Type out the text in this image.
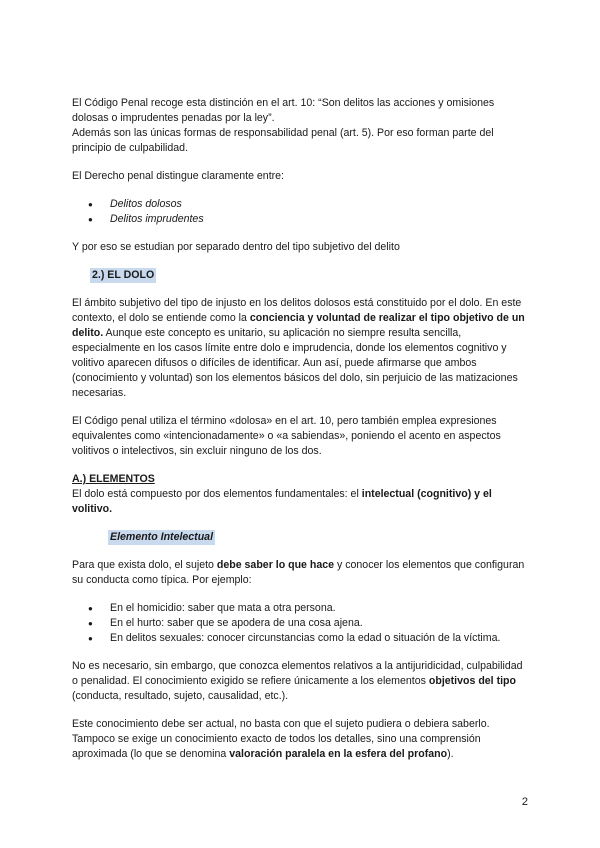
El Código Penal recoge esta distinción en el art. 10: “Son delitos las acciones y omisiones dolosas o imprudentes penadas por la ley”.

Además son las únicas formas de responsabilidad penal (art. 5). Por eso forman parte del principio de culpabilidad.

El Derecho penal distingue claramente entre:

● Delitos dolosos
● Delitos imprudentes

Y por eso se estudian por separado dentro del tipo subjetivo del delito

2.) EL DOLO

El ámbito subjetivo del tipo de injusto en los delitos dolosos está constituido por el dolo. En este contexto, el dolo se entiende como la conciencia y voluntad de realizar el tipo objetivo de un delito. Aunque este concepto es unitario, su aplicación no siempre resulta sencilla, especialmente en los casos límite entre dolo e imprudencia, donde los elementos cognitivo y volitivo aparecen difusos o difíciles de identificar. Aun así, puede afirmarse que ambos (conocimiento y voluntad) son los elementos básicos del dolo, sin perjuicio de las matizaciones necesarias.

El Código penal utiliza el término «dolosa» en el art. 10, pero también emplea expresiones equivalentes como «intencionadamente» o «a sabiendas», poniendo el acento en aspectos volitivos o intelectivos, sin excluir ninguno de los dos.

A.) ELEMENTOS

El dolo está compuesto por dos elementos fundamentales: el intelectual (cognitivo) y el volitivo.

Elemento Intelectual

Para que exista dolo, el sujeto debe saber lo que hace y conocer los elementos que configuran su conducta como típica. Por ejemplo:

● En el homicidio: saber que mata a otra persona.
● En el hurto: saber que se apodera de una cosa ajena.
● En delitos sexuales: conocer circunstancias como la edad o situación de la víctima.

No es necesario, sin embargo, que conozca elementos relativos a la antijuridicidad, culpabilidad o penalidad. El conocimiento exigido se refiere únicamente a los elementos objetivos del tipo (conducta, resultado, sujeto, causalidad, etc.).

Este conocimiento debe ser actual, no basta con que el sujeto pudiera o debiera saberlo. Tampoco se exige un conocimiento exacto de todos los detalles, sino una comprensión aproximada (lo que se denomina valoración paralela en la esfera del profano).

2
